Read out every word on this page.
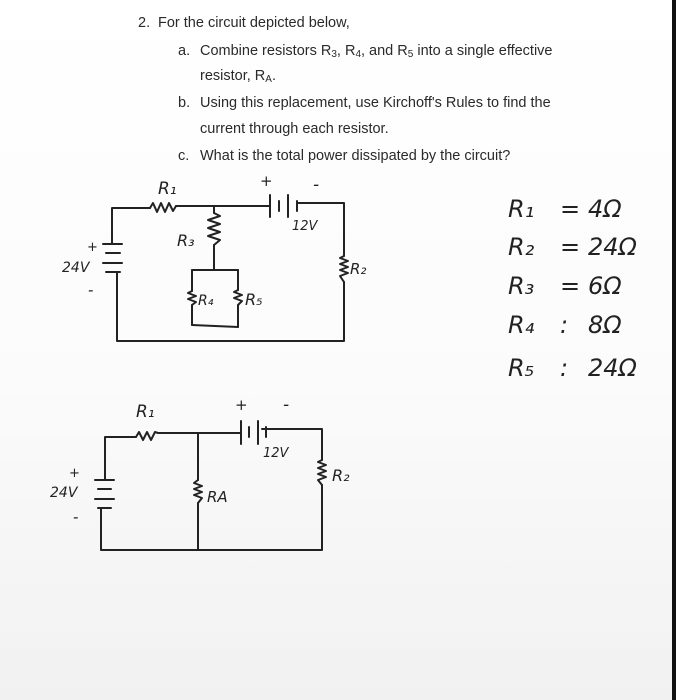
2. For the circuit depicted below,
a. Combine resistors $R_3$, $R_4$, and $R_5$ into a single effective
resistor, $R_A$.
b. Using this replacement, use Kirchoff's Rules to find the
current through each resistor.
c. What is the total power dissipated by the circuit?
R₁
R₃
R₄ R₅
R₂
+ -
12V
24V
+
-
R₁
RA
R₂
+ -
12V
24V
+
-
R₁ = 4Ω
R₂ = 24Ω
R₃ = 6Ω
R₄ : 8Ω
R₅ : 24Ω
